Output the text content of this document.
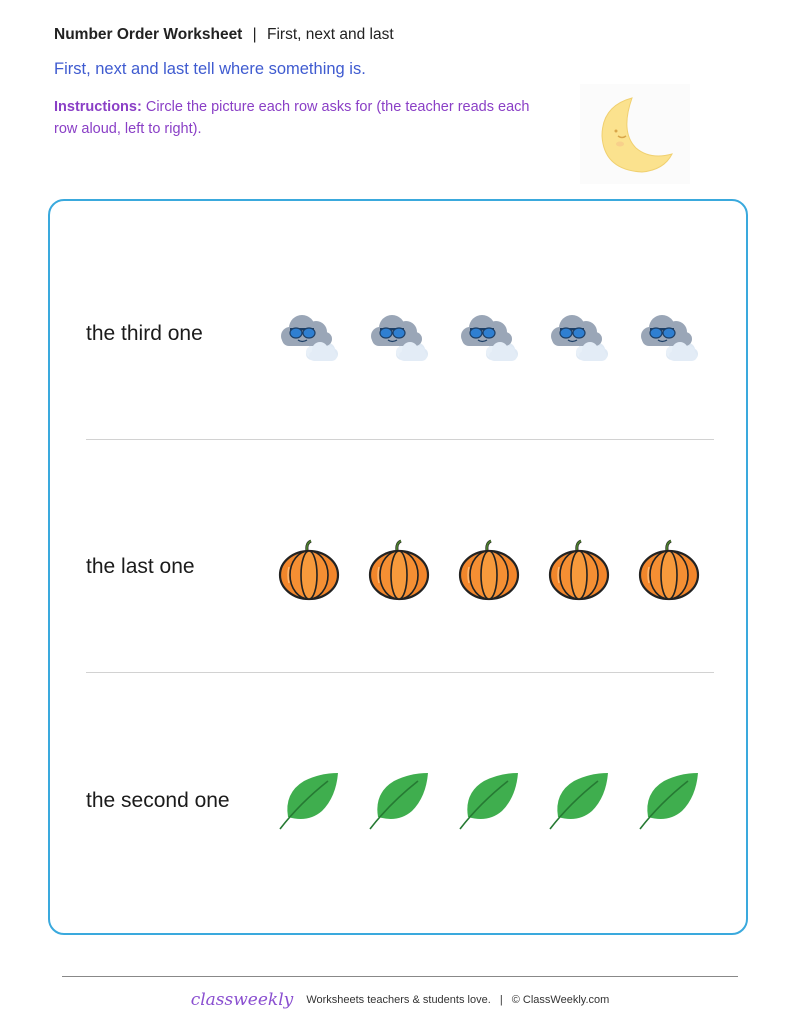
Number Order Worksheet | First, next and last
First, next and last tell where something is.
Instructions: Circle the picture each row asks for (the teacher reads each row aloud, left to right).
the third one
the last one
the second one
classweekly Worksheets teachers & students love. | © ClassWeekly.com
